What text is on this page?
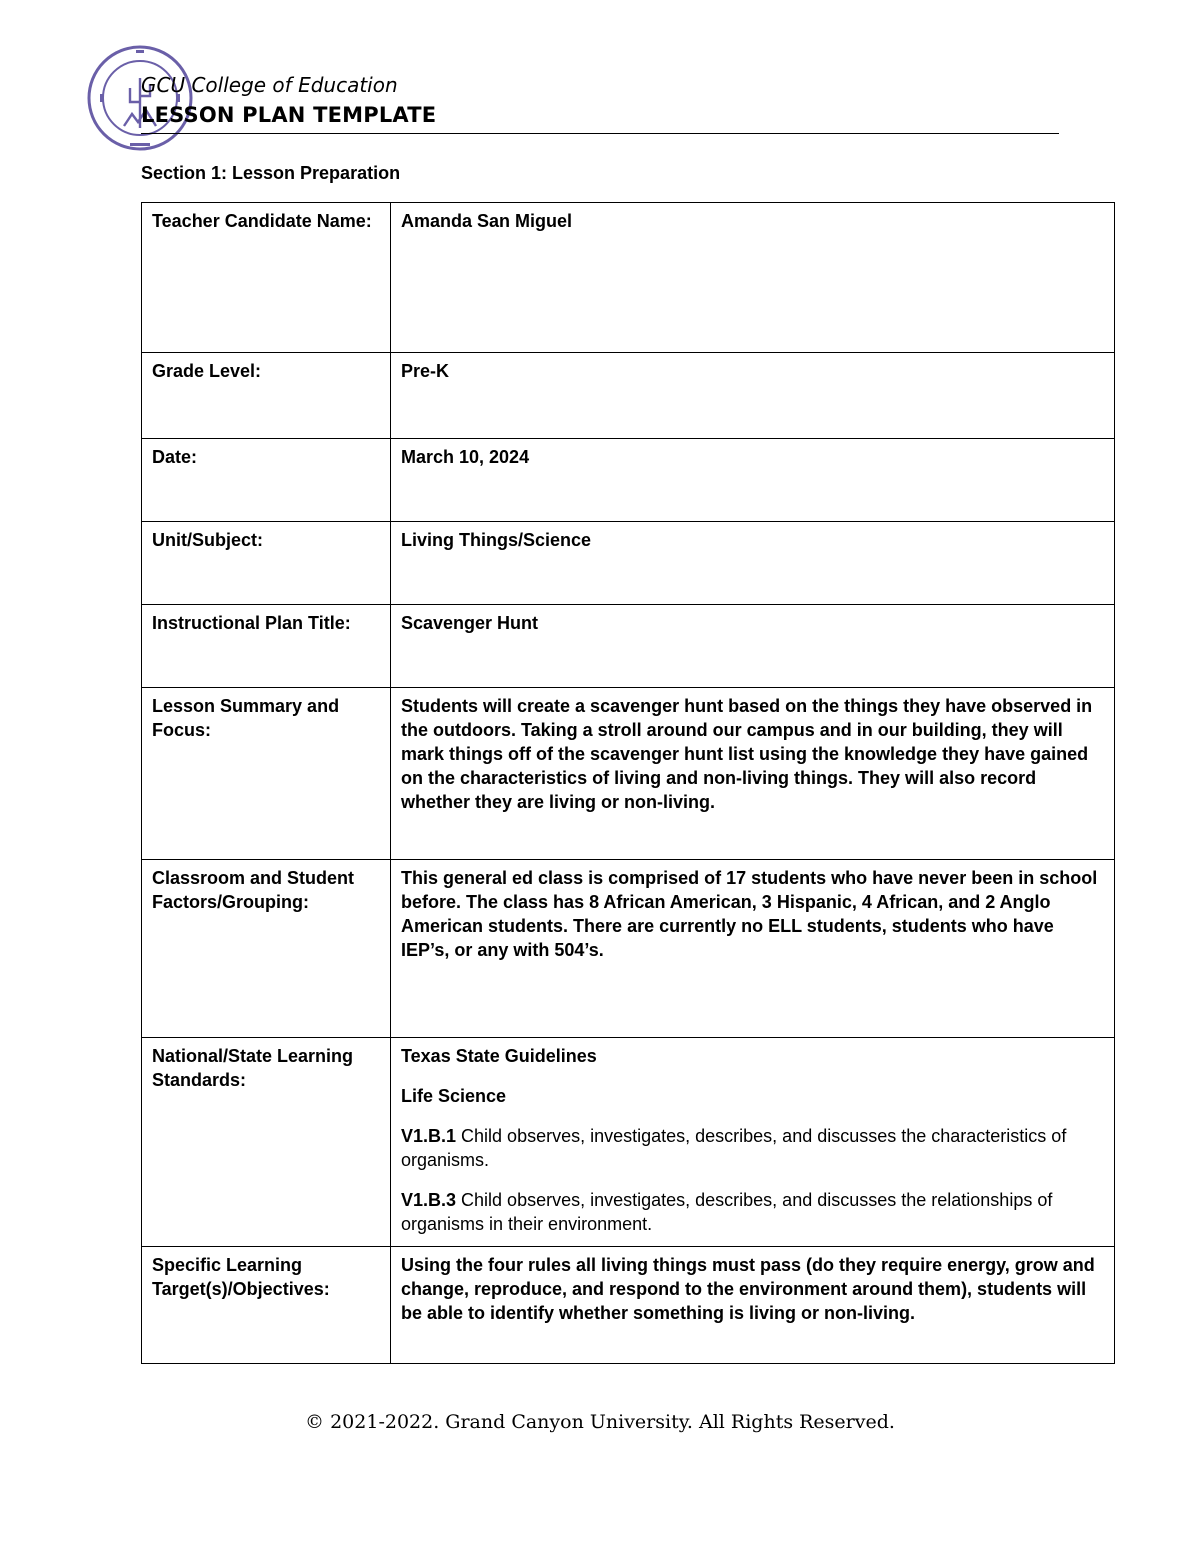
GCU College of Education
LESSON PLAN TEMPLATE
Section 1: Lesson Preparation
Teacher Candidate Name:	Amanda San Miguel
Grade Level:	Pre-K
Date:	March 10, 2024
Unit/Subject:	Living Things/Science
Instructional Plan Title:	Scavenger Hunt
Lesson Summary and Focus:	Students will create a scavenger hunt based on the things they have observed in the outdoors. Taking a stroll around our campus and in our building, they will mark things off of the scavenger hunt list using the knowledge they have gained on the characteristics of living and non-living things. They will also record whether they are living or non-living.
Classroom and Student Factors/Grouping:	This general ed class is comprised of 17 students who have never been in school before. The class has 8 African American, 3 Hispanic, 4 African, and 2 Anglo American students. There are currently no ELL students, students who have IEP’s, or any with 504’s.
National/State Learning Standards:	Texas State Guidelines
Life Science
V1.B.1 Child observes, investigates, describes, and discusses the characteristics of organisms.
V1.B.3 Child observes, investigates, describes, and discusses the relationships of organisms in their environment.

Specific Learning Target(s)/Objectives:	Using the four rules all living things must pass (do they require energy, grow and change, reproduce, and respond to the environment around them), students will be able to identify whether something is living or non-living.
© 2021-2022. Grand Canyon University. All Rights Reserved.
